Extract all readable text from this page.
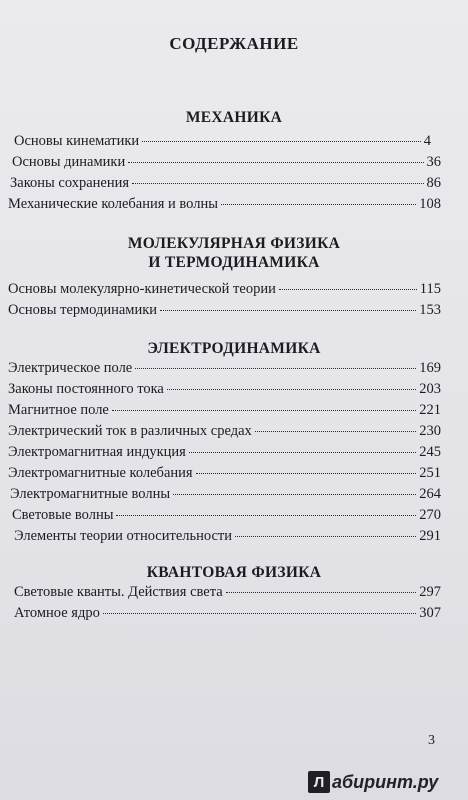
СОДЕРЖАНИЕ
МЕХАНИКА
Основы кинематики	4
Основы динамики	36
Законы сохранения	86
Механические колебания и волны	108
МОЛЕКУЛЯРНАЯ ФИЗИКА
И ТЕРМОДИНАМИКА
Основы молекулярно-кинетической теории	115
Основы термодинамики	153
ЭЛЕКТРОДИНАМИКА
Электрическое поле	169
Законы постоянного тока	203
Магнитное поле	221
Электрический ток в различных средах	230
Электромагнитная индукция	245
Электромагнитные колебания	251
Электромагнитные волны	264
Световые волны	270
Элементы теории относительности	291
КВАНТОВАЯ ФИЗИКА
Световые кванты. Действия света	297
Атомное ядро	307
3
Л абиринт.ру
